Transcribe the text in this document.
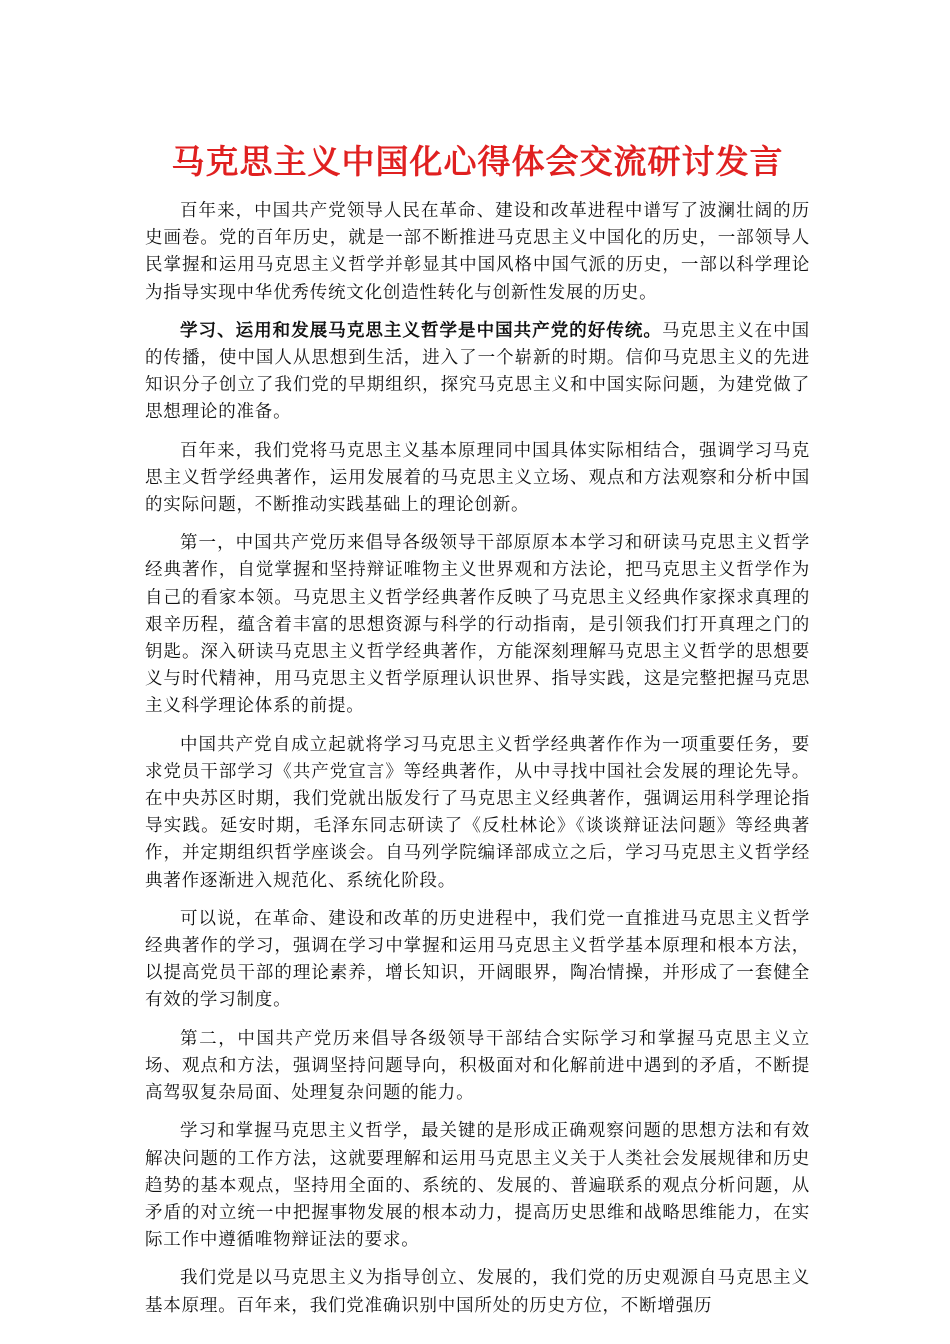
马克思主义中国化心得体会交流研讨发言

百年来，中国共产党领导人民在革命、建设和改革进程中谱写了波澜壮阔的历史画卷。党的百年历史，就是一部不断推进马克思主义中国化的历史，一部领导人民掌握和运用马克思主义哲学并彰显其中国风格中国气派的历史，一部以科学理论为指导实现中华优秀传统文化创造性转化与创新性发展的历史。

学习、运用和发展马克思主义哲学是中国共产党的好传统。马克思主义在中国的传播，使中国人从思想到生活，进入了一个崭新的时期。信仰马克思主义的先进知识分子创立了我们党的早期组织，探究马克思主义和中国实际问题，为建党做了思想理论的准备。

百年来，我们党将马克思主义基本原理同中国具体实际相结合，强调学习马克思主义哲学经典著作，运用发展着的马克思主义立场、观点和方法观察和分析中国的实际问题，不断推动实践基础上的理论创新。

第一，中国共产党历来倡导各级领导干部原原本本学习和研读马克思主义哲学经典著作，自觉掌握和坚持辩证唯物主义世界观和方法论，把马克思主义哲学作为自己的看家本领。马克思主义哲学经典著作反映了马克思主义经典作家探求真理的艰辛历程，蕴含着丰富的思想资源与科学的行动指南，是引领我们打开真理之门的钥匙。深入研读马克思主义哲学经典著作，方能深刻理解马克思主义哲学的思想要义与时代精神，用马克思主义哲学原理认识世界、指导实践，这是完整把握马克思主义科学理论体系的前提。

中国共产党自成立起就将学习马克思主义哲学经典著作作为一项重要任务，要求党员干部学习《共产党宣言》等经典著作，从中寻找中国社会发展的理论先导。在中央苏区时期，我们党就出版发行了马克思主义经典著作，强调运用科学理论指导实践。延安时期，毛泽东同志研读了《反杜林论》《谈谈辩证法问题》等经典著作，并定期组织哲学座谈会。自马列学院编译部成立之后，学习马克思主义哲学经典著作逐渐进入规范化、系统化阶段。

可以说，在革命、建设和改革的历史进程中，我们党一直推进马克思主义哲学经典著作的学习，强调在学习中掌握和运用马克思主义哲学基本原理和根本方法，以提高党员干部的理论素养，增长知识，开阔眼界，陶冶情操，并形成了一套健全有效的学习制度。

第二，中国共产党历来倡导各级领导干部结合实际学习和掌握马克思主义立场、观点和方法，强调坚持问题导向，积极面对和化解前进中遇到的矛盾，不断提高驾驭复杂局面、处理复杂问题的能力。

学习和掌握马克思主义哲学，最关键的是形成正确观察问题的思想方法和有效解决问题的工作方法，这就要理解和运用马克思主义关于人类社会发展规律和历史趋势的基本观点，坚持用全面的、系统的、发展的、普遍联系的观点分析问题，从矛盾的对立统一中把握事物发展的根本动力，提高历史思维和战略思维能力，在实际工作中遵循唯物辩证法的要求。

我们党是以马克思主义为指导创立、发展的，我们党的历史观源自马克思主义基本原理。百年来，我们党准确识别中国所处的历史方位，不断增强历
